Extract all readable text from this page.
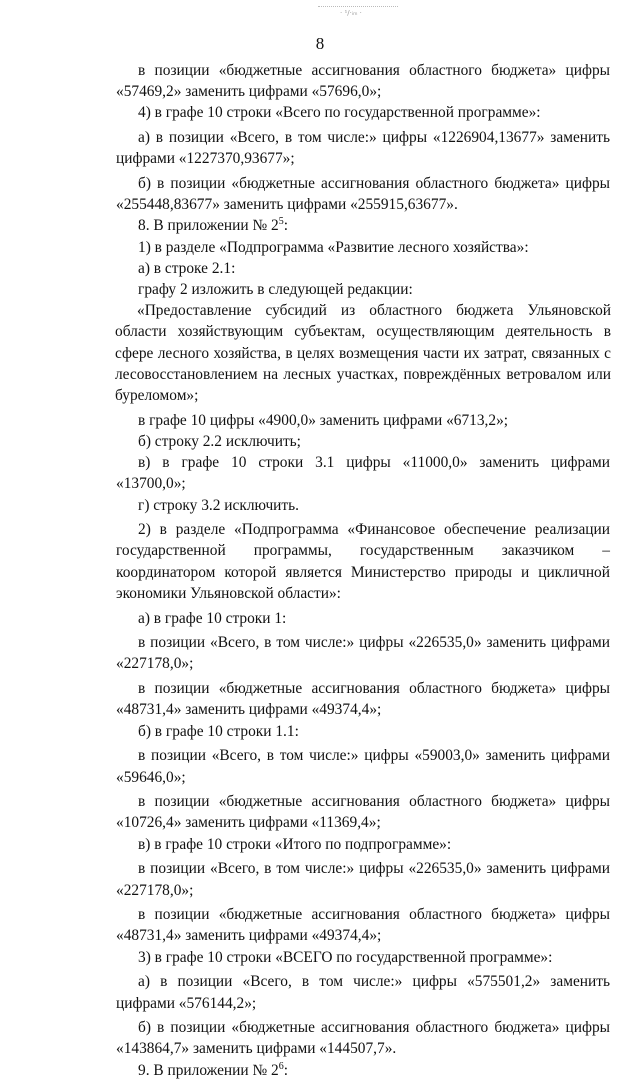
· ¹/·ᵢₘ ·
8
в позиции «бюджетные ассигнования областного бюджета» цифры «57469,2» заменить цифрами «57696,0»;
4) в графе 10 строки «Всего по государственной программе»:
а) в позиции «Всего, в том числе:» цифры «1226904,13677» заменить цифрами «1227370,93677»;
б) в позиции «бюджетные ассигнования областного бюджета» цифры «255448,83677» заменить цифрами «255915,63677».
8. В приложении № $2^5$:
1) в разделе «Подпрограмма «Развитие лесного хозяйства»:
а) в строке 2.1:
графу 2 изложить в следующей редакции:
«Предоставление субсидий из областного бюджета Ульяновской области хозяйствующим субъектам, осуществляющим деятельность в сфере лесного хозяйства, в целях возмещения части их затрат, связанных с лесовосстановлением на лесных участках, повреждённых ветровалом или буреломом»;
в графе 10 цифры «4900,0» заменить цифрами «6713,2»;
б) строку 2.2 исключить;
в) в графе 10 строки 3.1 цифры «11000,0» заменить цифрами «13700,0»;
г) строку 3.2 исключить.
2) в разделе «Подпрограмма «Финансовое обеспечение реализации государственной программы, государственным заказчиком – координатором которой является Министерство природы и цикличной экономики Ульяновской области»:
а) в графе 10 строки 1:
в позиции «Всего, в том числе:» цифры «226535,0» заменить цифрами «227178,0»;
в позиции «бюджетные ассигнования областного бюджета» цифры «48731,4» заменить цифрами «49374,4»;
б) в графе 10 строки 1.1:
в позиции «Всего, в том числе:» цифры «59003,0» заменить цифрами «59646,0»;
в позиции «бюджетные ассигнования областного бюджета» цифры «10726,4» заменить цифрами «11369,4»;
в) в графе 10 строки «Итого по подпрограмме»:
в позиции «Всего, в том числе:» цифры «226535,0» заменить цифрами «227178,0»;
в позиции «бюджетные ассигнования областного бюджета» цифры «48731,4» заменить цифрами «49374,4»;
3) в графе 10 строки «ВСЕГО по государственной программе»:
а) в позиции «Всего, в том числе:» цифры «575501,2» заменить цифрами «576144,2»;
б) в позиции «бюджетные ассигнования областного бюджета» цифры «143864,7» заменить цифрами «144507,7».
9. В приложении № $2^6$:
